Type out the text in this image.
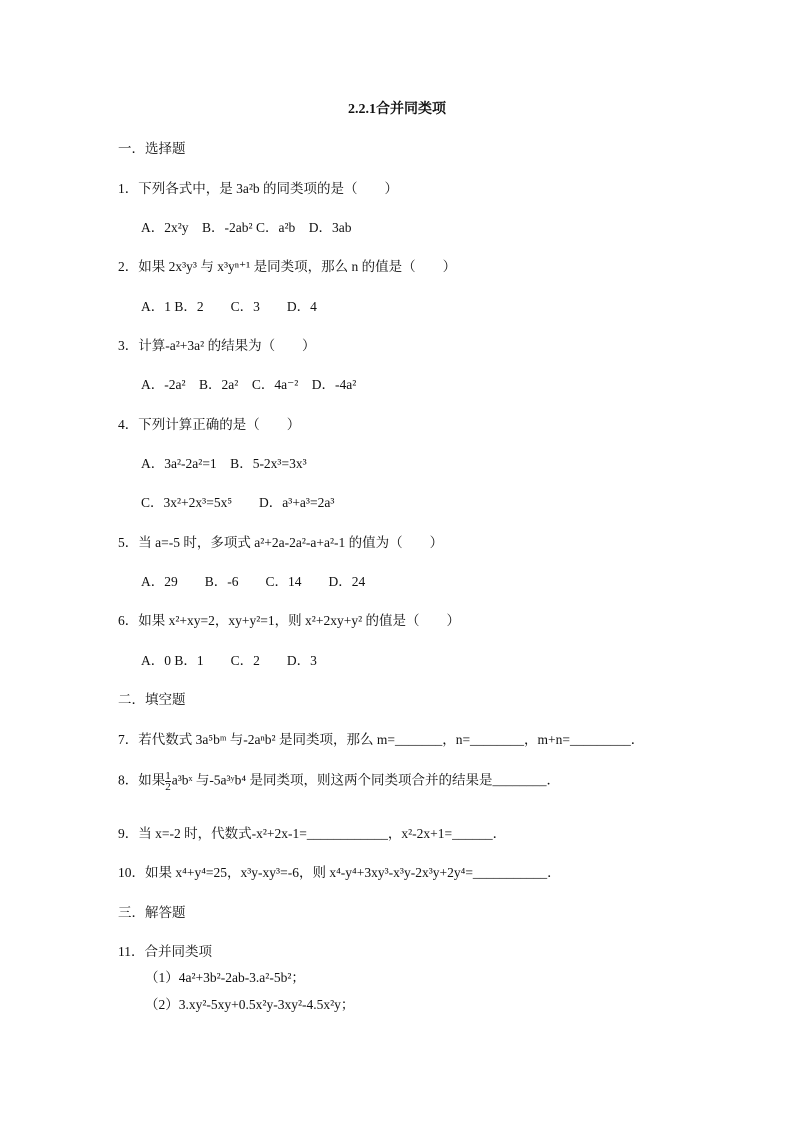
2.2.1合并同类项
一．选择题
1．下列各式中，是 3a²b 的同类项的是（　　）
A．2x²y　B．-2ab² C．a²b　D．3ab
2．如果 2x³y³ 与 x³yⁿ⁺¹ 是同类项，那么 n 的值是（　　）
A．1 B．2　　C．3　　D．4
3．计算-a²+3a² 的结果为（　　）
A．-2a²　B．2a²　C．4a⁻²　D．-4a²
4．下列计算正确的是（　　）
A．3a²-2a²=1　B．5-2x³=3x³
C．3x²+2x³=5x⁵　　D．a³+a³=2a³
5．当 a=-5 时，多项式 a²+2a-2a²-a+a²-1 的值为（　　）
A．29　　B．-6　　C．14　　D．24
6．如果 x²+xy=2，xy+y²=1，则 x²+2xy+y² 的值是（　　）
A．0 B．1　　C．2　　D．3
二．填空题
7．若代数式 3a⁵bᵐ 与-2aⁿb² 是同类项，那么 m=_______，n=________，m+n=_________．
8．如果 $\frac{1}{2}$ a³bˣ 与-5a³ʸb⁴ 是同类项，则这两个同类项合并的结果是________．
9．当 x=-2 时，代数式-x²+2x-1=____________，x²-2x+1=______．
10．如果 x⁴+y⁴=25，x³y-xy³=-6，则 x⁴-y⁴+3xy³-x³y-2x³y+2y⁴=___________．
三．解答题
11．合并同类项
（1）4a²+3b²-2ab-3.a²-5b²；
（2）3.xy²-5xy+0.5x²y-3xy²-4.5x²y；
